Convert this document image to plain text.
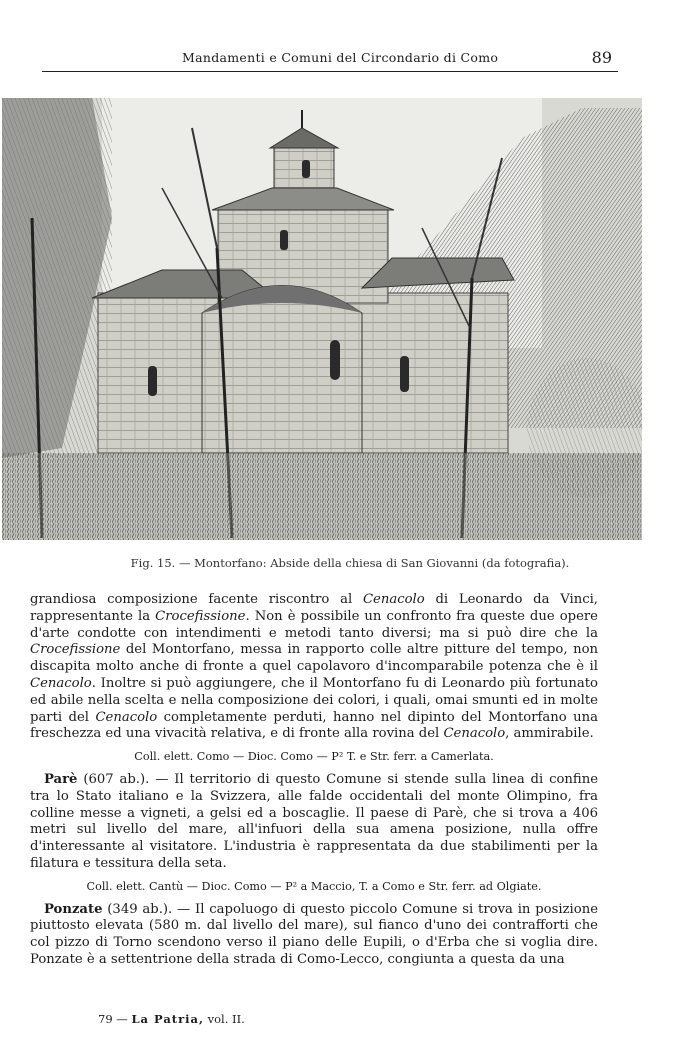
Mandamenti e Comuni del Circondario di Como	89
Fig. 15. — Montorfano: Abside della chiesa di San Giovanni (da fotografia).

grandiosa composizione facente riscontro al Cenacolo di Leonardo da Vinci, rappresentante la Crocefissione. Non è possibile un confronto fra queste due opere d'arte condotte con intendimenti e metodi tanto diversi; ma si può dire che la Crocefissione del Montorfano, messa in rapporto colle altre pitture del tempo, non discapita molto anche di fronte a quel capolavoro d'incomparabile potenza che è il Cenacolo. Inoltre si può aggiungere, che il Montorfano fu di Leonardo più fortunato ed abile nella scelta e nella composizione dei colori, i quali, omai smunti ed in molte parti del Cenacolo completamente perduti, hanno nel dipinto del Montorfano una freschezza ed una vivacità relativa, e di fronte alla rovina del Cenacolo, ammirabile.

Coll. elett. Como — Dioc. Como — P² T. e Str. ferr. a Camerlata.

Parè (607 ab.). — Il territorio di questo Comune si stende sulla linea di confine tra lo Stato italiano e la Svizzera, alle falde occidentali del monte Olimpino, fra colline messe a vigneti, a gelsi ed a boscaglie. Il paese di Parè, che si trova a 406 metri sul livello del mare, all'infuori della sua amena posizione, nulla offre d'interessante al visitatore. L'industria è rappresentata da due stabilimenti per la filatura e tessitura della seta.

Coll. elett. Cantù — Dioc. Como — P² a Maccio, T. a Como e Str. ferr. ad Olgiate.

Ponzate (349 ab.). — Il capoluogo di questo piccolo Comune si trova in posizione piuttosto elevata (580 m. dal livello del mare), sul fianco d'uno dei contrafforti che col pizzo di Torno scendono verso il piano delle Eupili, o d'Erba che si voglia dire. Ponzate è a settentrione della strada di Como-Lecco, congiunta a questa da una

79 — La Patria, vol. II.
